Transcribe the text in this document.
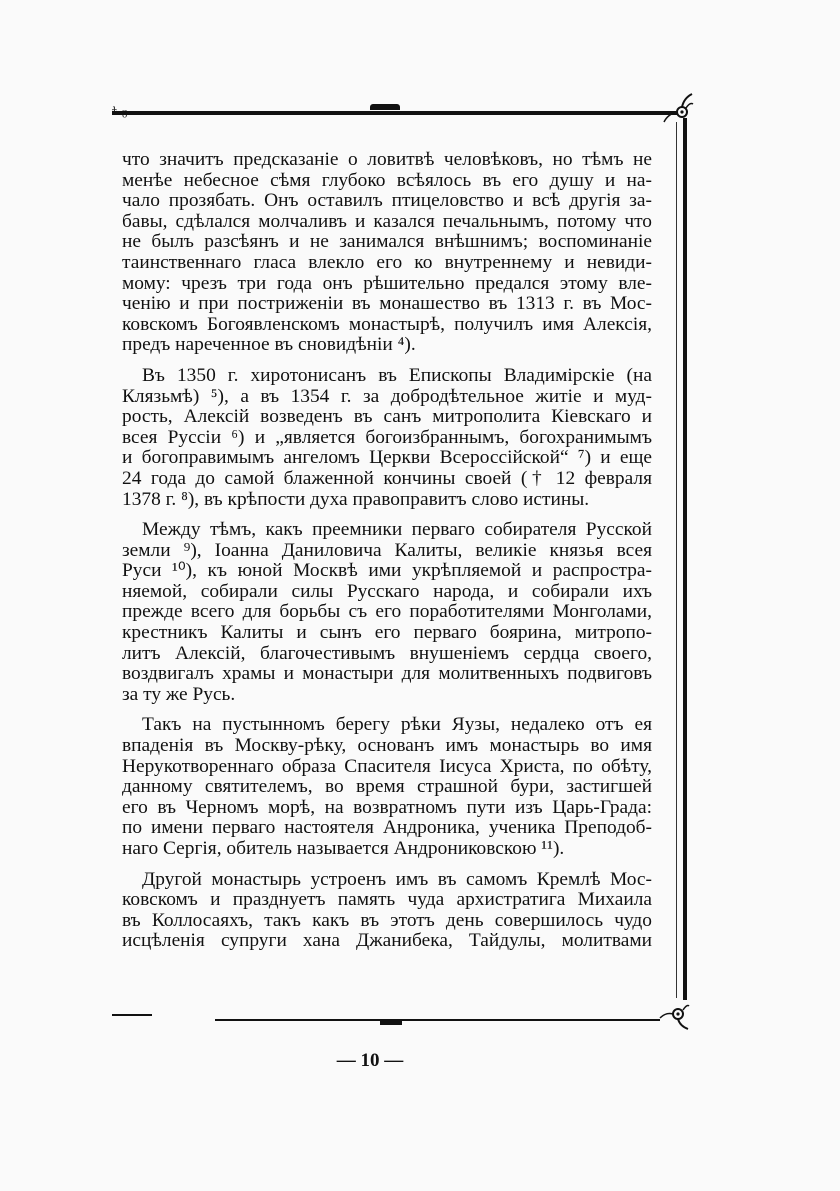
что значитъ предсказаніе о ловитвѣ человѣковъ, но тѣмъ не
менѣе небесное сѣмя глубоко всѣялось въ его душу и на-
чало прозябать. Онъ оставилъ птицеловство и всѣ другія за-
бавы, сдѣлался молчаливъ и казался печальнымъ, потому что
не былъ разсѣянъ и не занимался внѣшнимъ; воспоминаніе
таинственнаго гласа влекло его ко внутреннему и невиди-
мому: чрезъ три года онъ рѣшительно предался этому вле-
ченію и при постриженіи въ монашество въ 1313 г. въ Мос-
ковскомъ Богоявленскомъ монастырѣ, получилъ имя Алексія,
предъ нареченное въ сновидѣніи ⁴).
Въ 1350 г. хиротонисанъ въ Епископы Владимірскіе (на
Клязьмѣ) ⁵), а въ 1354 г. за добродѣтельное житіе и муд-
рость, Алексій возведенъ въ санъ митрополита Кіевскаго и
всея Руссіи ⁶) и „является богоизбраннымъ, богохранимымъ
и богоправимымъ ангеломъ Церкви Всероссійской“ ⁷) и еще
24 года до самой блаженной кончины своей († 12 февраля
1378 г. ⁸), въ крѣпости духа правоправитъ слово истины.
Между тѣмъ, какъ преемники перваго собирателя Русской
земли ⁹), Іоанна Даниловича Калиты, великіе князья всея
Руси ¹⁰), къ юной Москвѣ ими укрѣпляемой и распростра-
няемой, собирали силы Русскаго народа, и собирали ихъ
прежде всего для борьбы съ его поработителями Монголами,
крестникъ Калиты и сынъ его перваго боярина, митропо-
литъ Алексій, благочестивымъ внушеніемъ сердца своего,
воздвигалъ храмы и монастыри для молитвенныхъ подвиговъ
за ту же Русь.
Такъ на пустынномъ берегу рѣки Яузы, недалеко отъ ея
впаденія въ Москву-рѣку, основанъ имъ монастырь во имя
Нерукотвореннаго образа Спасителя Іисуса Христа, по обѣту,
данному святителемъ, во время страшной бури, застигшей
его въ Черномъ морѣ, на возвратномъ пути изъ Царь-Града:
по имени перваго настоятеля Андроника, ученика Преподоб-
наго Сергія, обитель называется Андрониковскою ¹¹).
Другой монастырь устроенъ имъ въ самомъ Кремлѣ Мос-
ковскомъ и празднуетъ память чуда архистратига Михаила
въ Коллосаяхъ, такъ какъ въ этотъ день совершилось чудо
исцѣленія супруги хана Джанибека, Тайдулы, молитвами
— 10 —
